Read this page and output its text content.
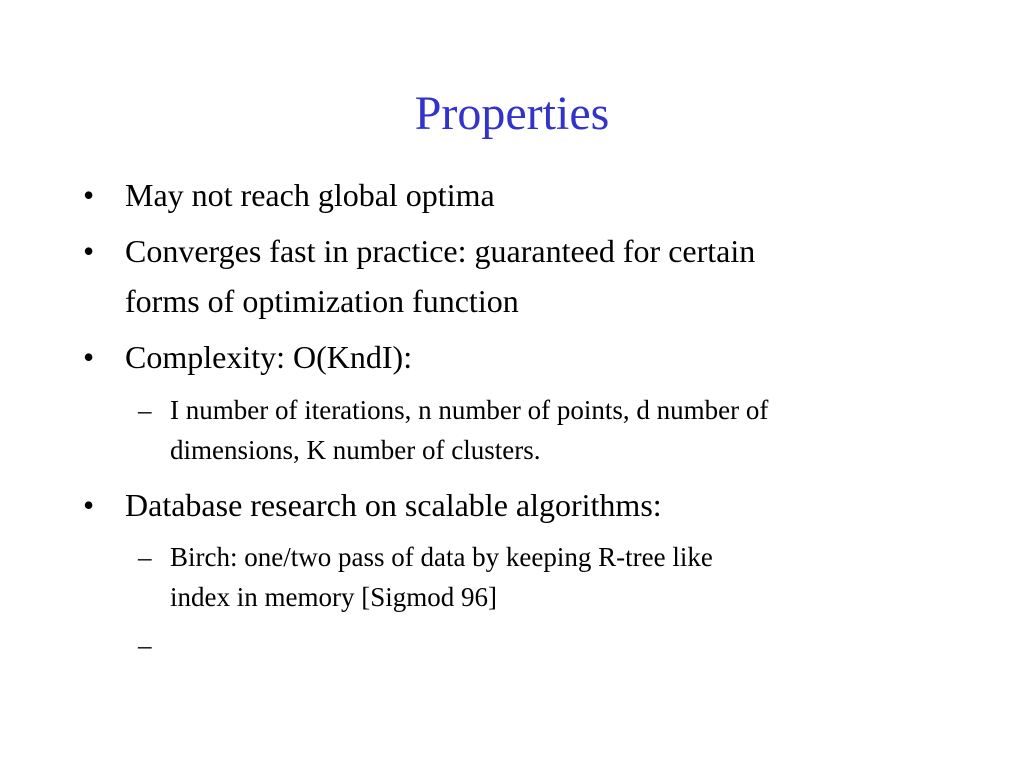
Properties
• May not reach global optima
• Converges fast in practice: guaranteed for certain
forms of optimization function
• Complexity: O(KndI):
– I number of iterations, n number of points, d number of
dimensions, K number of clusters.
• Database research on scalable algorithms:
– Birch: one/two pass of data by keeping R-tree like
index in memory [Sigmod 96]
–
